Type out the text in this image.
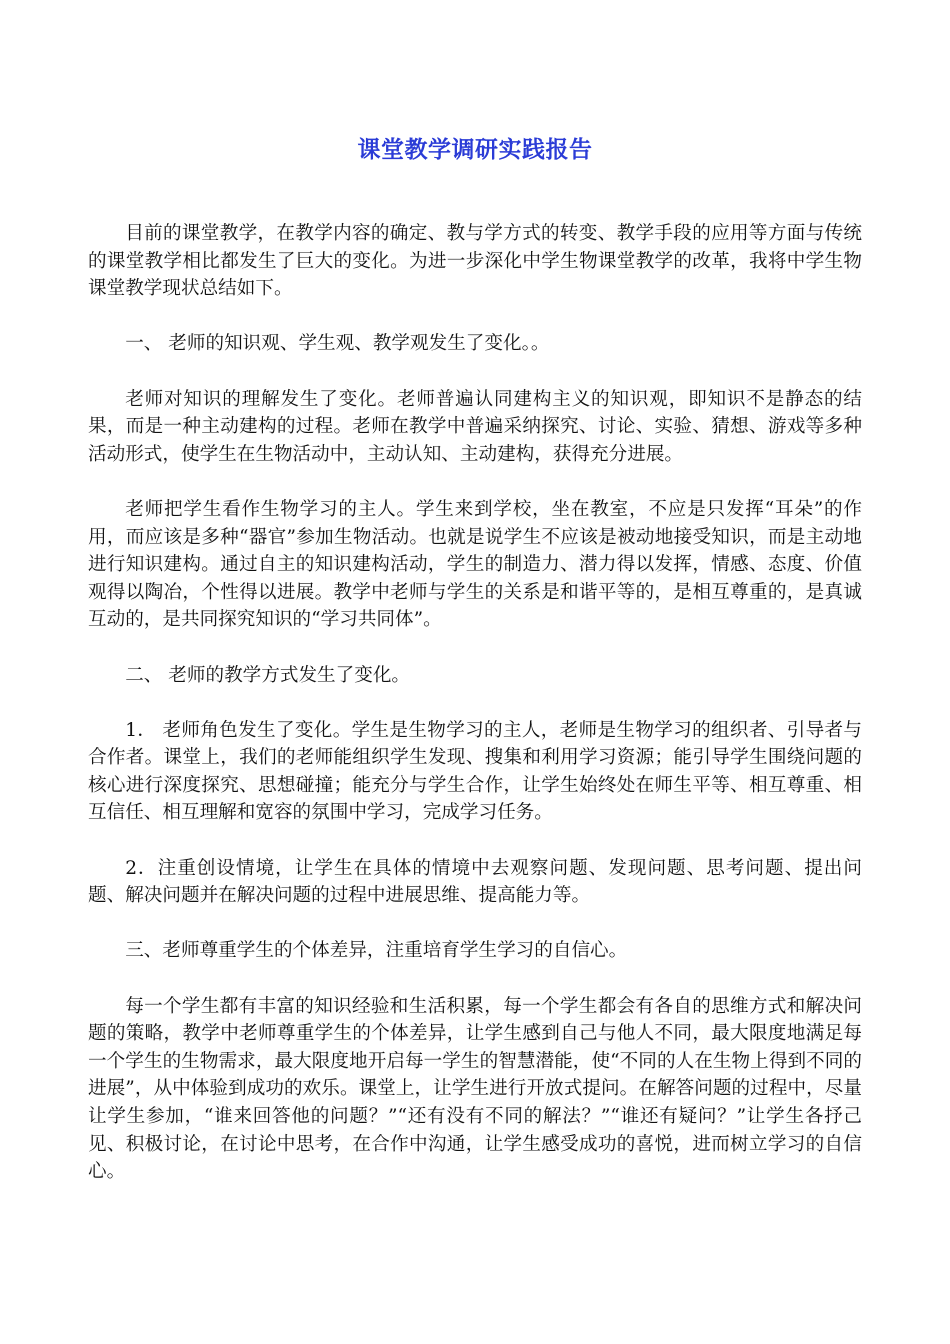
课堂教学调研实践报告

目前的课堂教学，在教学内容的确定、教与学方式的转变、教学手段的应用等方面与传统的课堂教学相比都发生了巨大的变化。为进一步深化中学生物课堂教学的改革，我将中学生物课堂教学现状总结如下。

一、 老师的知识观、学生观、教学观发生了变化。。

老师对知识的理解发生了变化。老师普遍认同建构主义的知识观，即知识不是静态的结果，而是一种主动建构的过程。老师在教学中普遍采纳探究、讨论、实验、猜想、游戏等多种活动形式，使学生在生物活动中，主动认知、主动建构，获得充分进展。

老师把学生看作生物学习的主人。学生来到学校，坐在教室，不应是只发挥“耳朵”的作用，而应该是多种“器官”参加生物活动。也就是说学生不应该是被动地接受知识，而是主动地进行知识建构。通过自主的知识建构活动，学生的制造力、潜力得以发挥，情感、态度、价值观得以陶冶，个性得以进展。教学中老师与学生的关系是和谐平等的，是相互尊重的，是真诚互动的，是共同探究知识的“学习共同体”。

二、 老师的教学方式发生了变化。

1． 老师角色发生了变化。学生是生物学习的主人，老师是生物学习的组织者、引导者与合作者。课堂上，我们的老师能组织学生发现、搜集和利用学习资源；能引导学生围绕问题的核心进行深度探究、思想碰撞；能充分与学生合作，让学生始终处在师生平等、相互尊重、相互信任、相互理解和宽容的氛围中学习，完成学习任务。

2．注重创设情境，让学生在具体的情境中去观察问题、发现问题、思考问题、提出问题、解决问题并在解决问题的过程中进展思维、提高能力等。

三、老师尊重学生的个体差异，注重培育学生学习的自信心。

每一个学生都有丰富的知识经验和生活积累，每一个学生都会有各自的思维方式和解决问题的策略，教学中老师尊重学生的个体差异，让学生感到自己与他人不同，最大限度地满足每一个学生的生物需求，最大限度地开启每一学生的智慧潜能，使“不同的人在生物上得到不同的进展”，从中体验到成功的欢乐。课堂上，让学生进行开放式提问。在解答问题的过程中，尽量让学生参加，“谁来回答他的问题？”“还有没有不同的解法？”“谁还有疑问？”让学生各抒己见、积极讨论，在讨论中思考，在合作中沟通，让学生感受成功的喜悦，进而树立学习的自信心。
